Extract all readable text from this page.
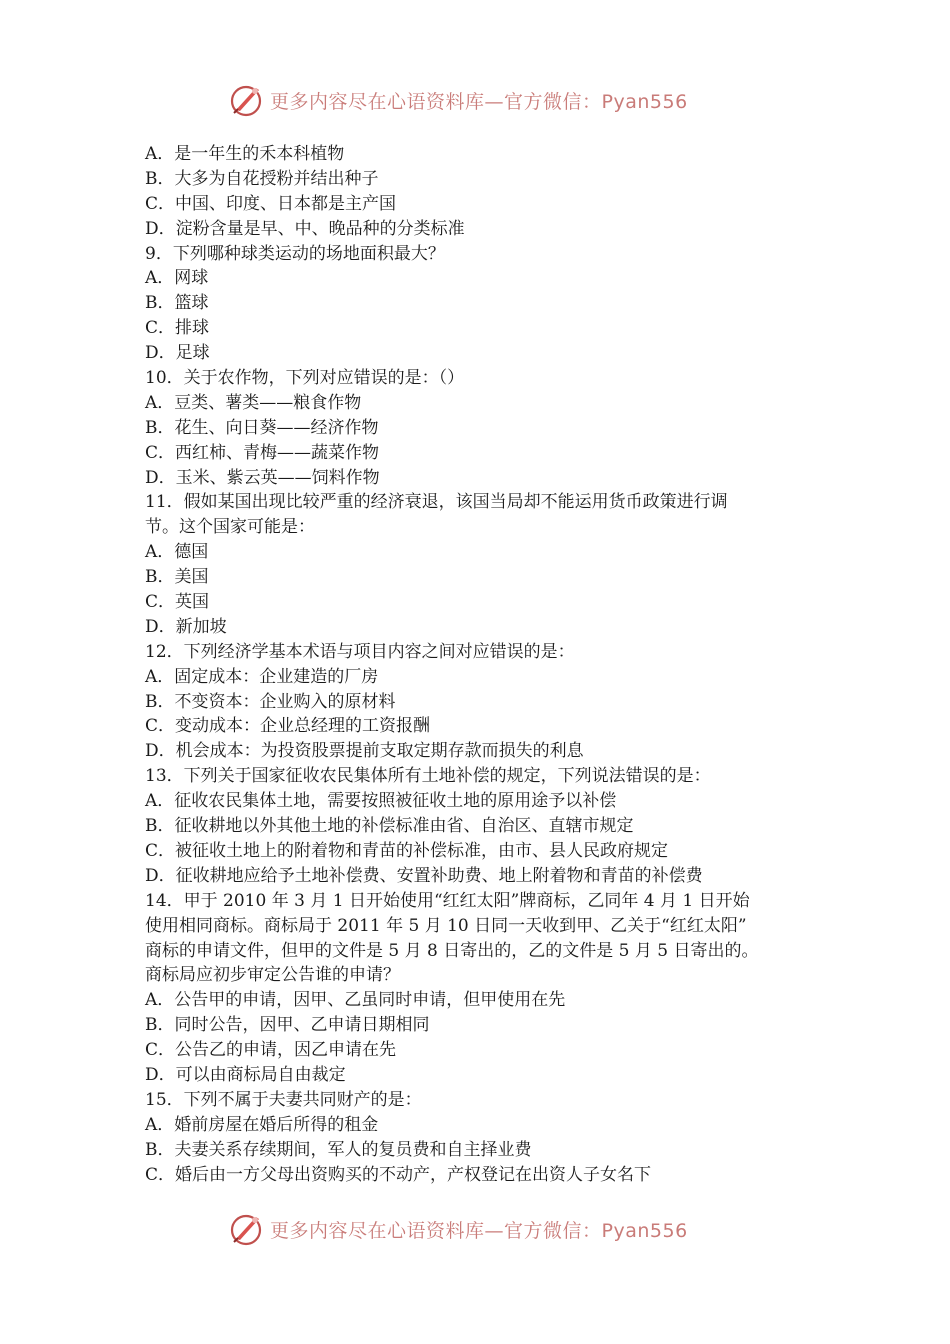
更多内容尽在心语资料库—官方微信：Pyan556
A．是一年生的禾本科植物
B．大多为自花授粉并结出种子
C．中国、印度、日本都是主产国
D．淀粉含量是早、中、晚品种的分类标准
9．下列哪种球类运动的场地面积最大？
A．网球
B．篮球
C．排球
D．足球
10．关于农作物，下列对应错误的是：（）
A．豆类、薯类——粮食作物
B．花生、向日葵——经济作物
C．西红柿、青梅——蔬菜作物
D．玉米、紫云英——饲料作物
11．假如某国出现比较严重的经济衰退，该国当局却不能运用货币政策进行调
节。这个国家可能是：
A．德国
B．美国
C．英国
D．新加坡
12．下列经济学基本术语与项目内容之间对应错误的是：
A．固定成本：企业建造的厂房
B．不变资本：企业购入的原材料
C．变动成本：企业总经理的工资报酬
D．机会成本：为投资股票提前支取定期存款而损失的利息
13．下列关于国家征收农民集体所有土地补偿的规定，下列说法错误的是：
A．征收农民集体土地，需要按照被征收土地的原用途予以补偿
B．征收耕地以外其他土地的补偿标准由省、自治区、直辖市规定
C．被征收土地上的附着物和青苗的补偿标准，由市、县人民政府规定
D．征收耕地应给予土地补偿费、安置补助费、地上附着物和青苗的补偿费
14．甲于 2010 年 3 月 1 日开始使用“红红太阳”牌商标，乙同年 4 月 1 日开始
使用相同商标。商标局于 2011 年 5 月 10 日同一天收到甲、乙关于“红红太阳”
商标的申请文件，但甲的文件是 5 月 8 日寄出的，乙的文件是 5 月 5 日寄出的。
商标局应初步审定公告谁的申请？
A．公告甲的申请，因甲、乙虽同时申请，但甲使用在先
B．同时公告，因甲、乙申请日期相同
C．公告乙的申请，因乙申请在先
D．可以由商标局自由裁定
15．下列不属于夫妻共同财产的是：
A．婚前房屋在婚后所得的租金
B．夫妻关系存续期间，军人的复员费和自主择业费
C．婚后由一方父母出资购买的不动产，产权登记在出资人子女名下
更多内容尽在心语资料库—官方微信：Pyan556
